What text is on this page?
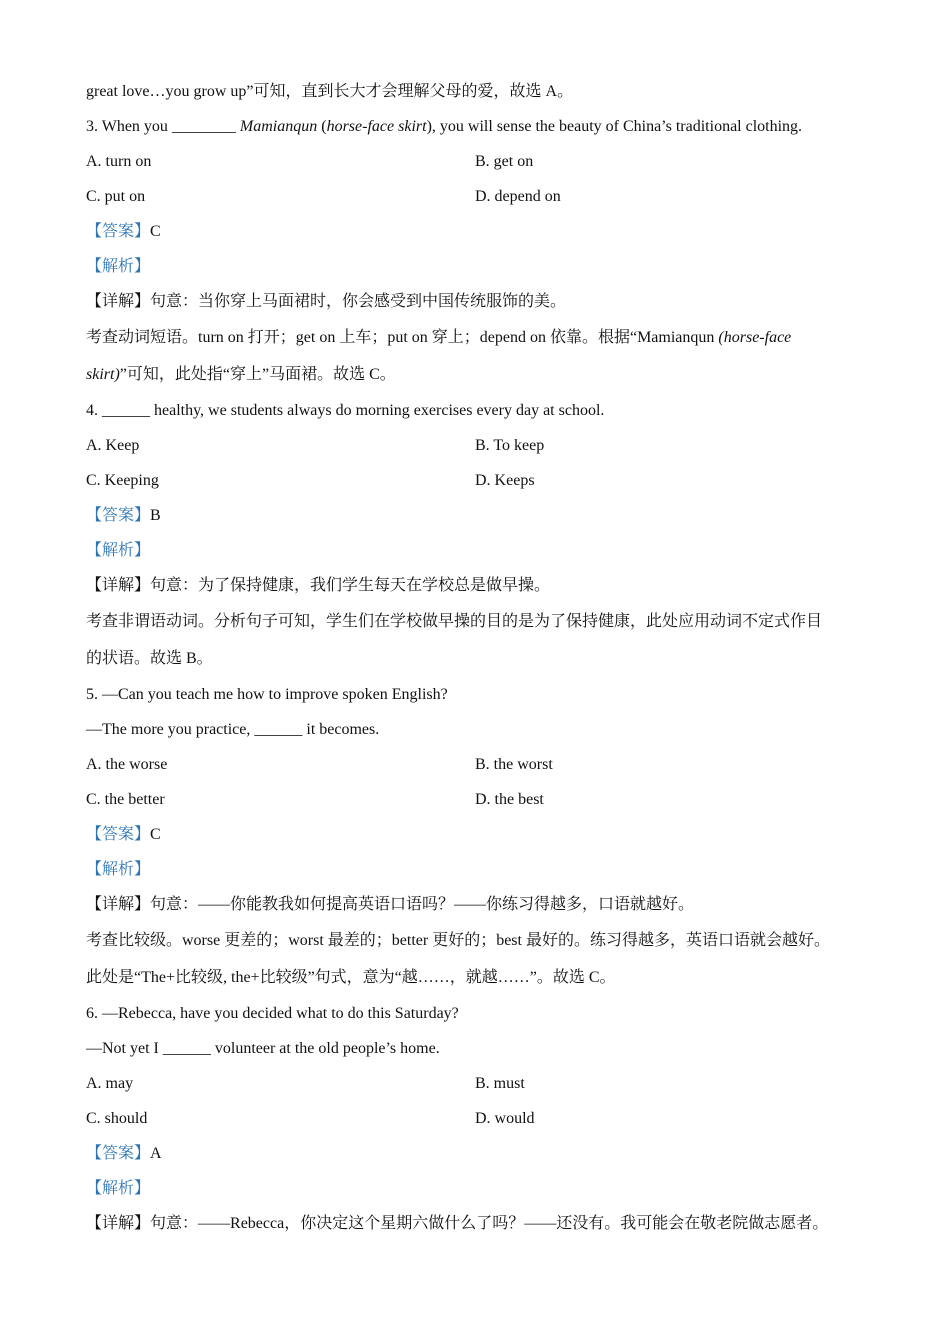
great love…you grow up”可知，直到长大才会理解父母的爱，故选 A。
3. When you ________ Mamianqun (horse-face skirt), you will sense the beauty of China’s traditional clothing.
A. turn on	B. get on
C. put on	D. depend on
【答案】C
【解析】
【详解】句意：当你穿上马面裙时，你会感受到中国传统服饰的美。
考查动词短语。turn on 打开；get on 上车；put on 穿上；depend on 依靠。根据“Mamianqun (horse-face
skirt)”可知，此处指“穿上”马面裙。故选 C。
4. ______ healthy, we students always do morning exercises every day at school.
A. Keep	B. To keep
C. Keeping	D. Keeps
【答案】B
【解析】
【详解】句意：为了保持健康，我们学生每天在学校总是做早操。
考查非谓语动词。分析句子可知，学生们在学校做早操的目的是为了保持健康，此处应用动词不定式作目
的状语。故选 B。
5. —Can you teach me how to improve spoken English?
—The more you practice, ______ it becomes.
A. the worse	B. the worst
C. the better	D. the best
【答案】C
【解析】
【详解】句意：——你能教我如何提高英语口语吗？——你练习得越多，口语就越好。
考查比较级。worse 更差的；worst 最差的；better 更好的；best 最好的。练习得越多，英语口语就会越好。
此处是“The+比较级, the+比较级”句式，意为“越……，就越……”。故选 C。
6. —Rebecca, have you decided what to do this Saturday?
—Not yet I ______ volunteer at the old people’s home.
A. may	B. must
C. should	D. would
【答案】A
【解析】
【详解】句意：——Rebecca，你决定这个星期六做什么了吗？——还没有。我可能会在敬老院做志愿者。
